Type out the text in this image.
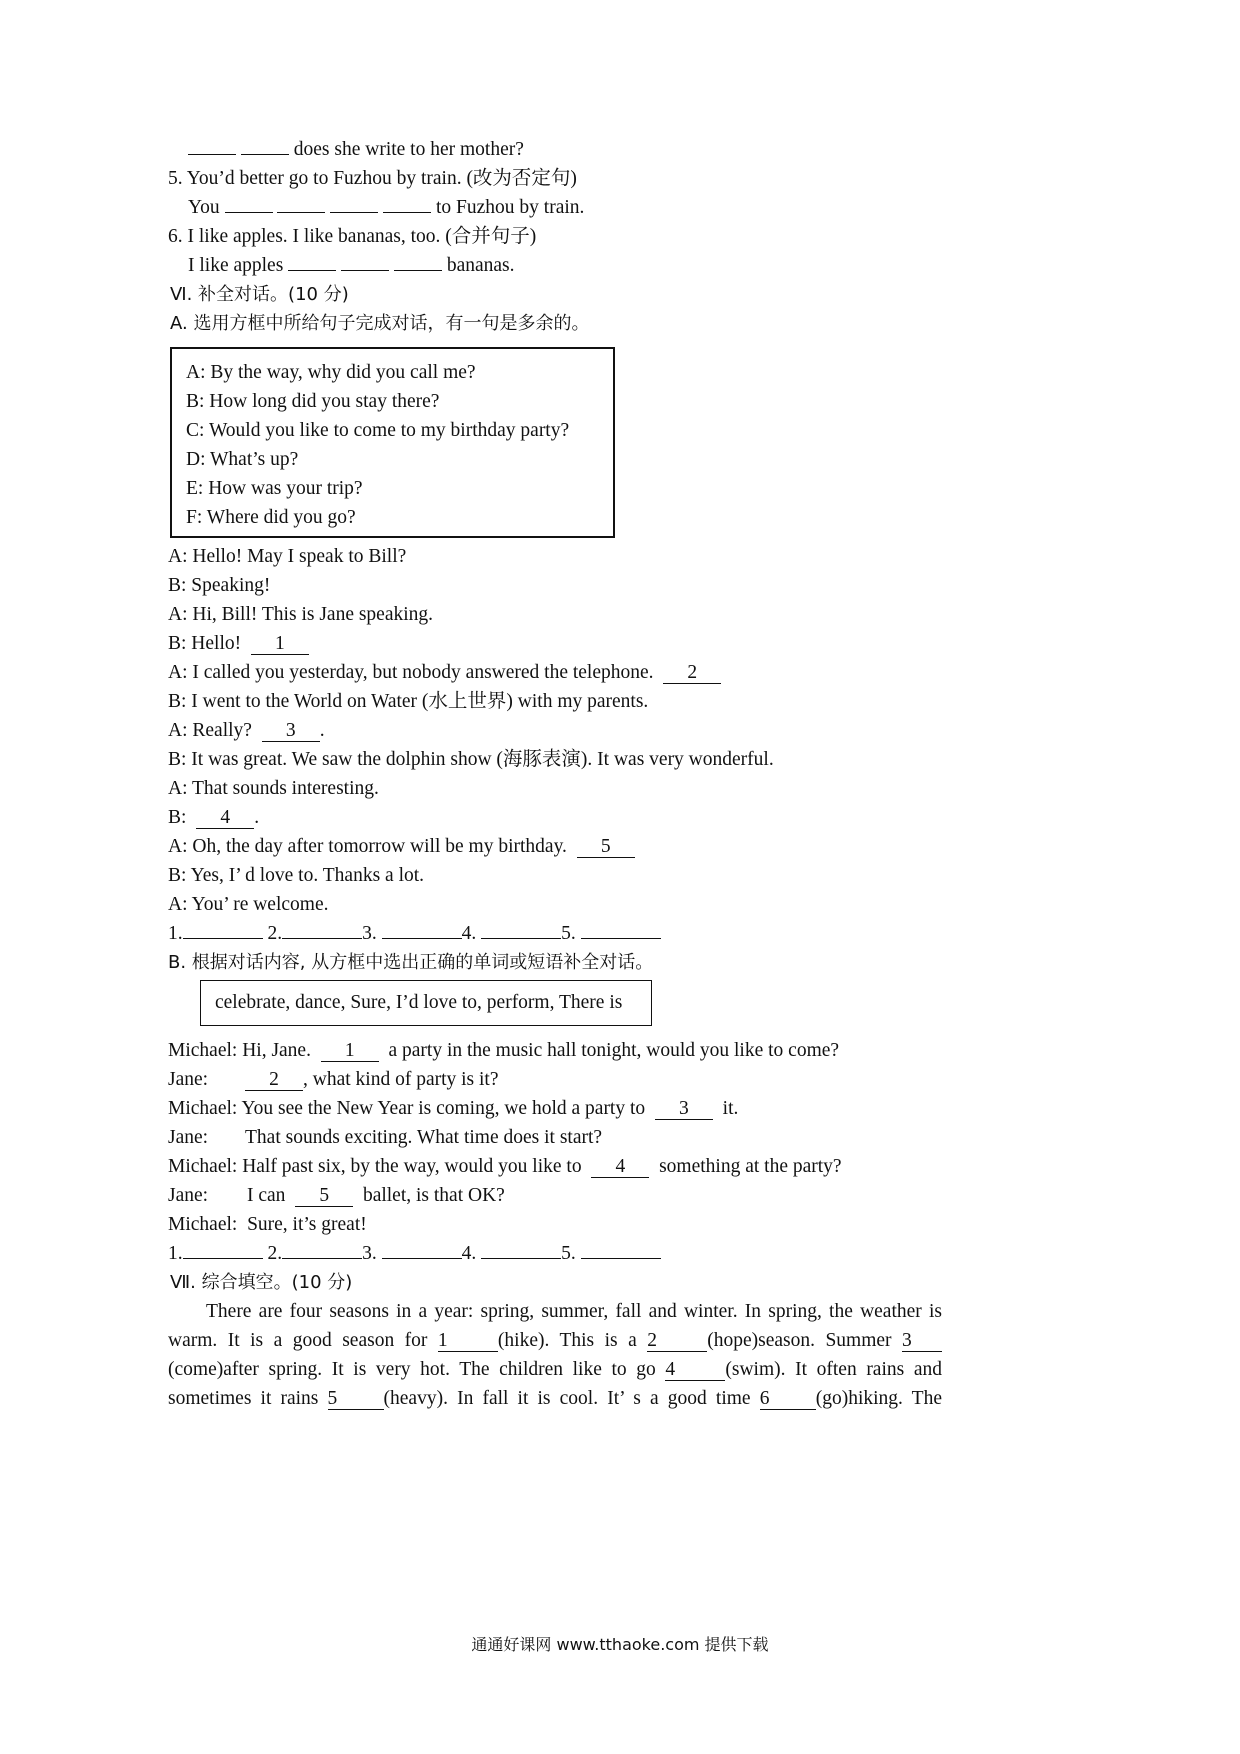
does she write to her mother?
5. You’d better go to Fuzhou by train. (改为否定句)
You	to Fuzhou by train.
6. I like apples. I like bananas, too. (合并句子)
I like apples	bananas.
Ⅵ. 补全对话。(10 分)
A. 选用方框中所给句子完成对话，有一句是多余的。
A: By the way, why did you call me?
B: How long did you stay there?
C: Would you like to come to my birthday party?
D: What’s up?
E: How was your trip?
F: Where did you go?
A: Hello! May I speak to Bill?
B: Speaking!
A: Hi, Bill! This is Jane speaking.
B: Hello! 1
A: I called you yesterday, but nobody answered the telephone. 2
B: I went to the World on Water (水上世界) with my parents.
A: Really? 3 .
B: It was great. We saw the dolphin show (海豚表演). It was very wonderful.
A: That sounds interesting.
B: 4 .
A: Oh, the day after tomorrow will be my birthday. 5
B: Yes, I’ d love to. Thanks a lot.
A: You’ re welcome.
1.	2.	3.	4.	5.
B. 根据对话内容, 从方框中选出正确的单词或短语补全对话。
celebrate, dance, Sure, I’d love to, perform, There is
Michael: Hi, Jane. 1 a party in the music hall tonight, would you like to come?
Jane:	2 , what kind of party is it?
Michael: You see the New Year is coming, we hold a party to 3 it.
Jane: That sounds exciting. What time does it start?
Michael: Half past six, by the way, would you like to 4 something at the party?
Jane: I can 5 ballet, is that OK?
Michael: Sure, it’s great!
1.	2.	3.	4.	5.
Ⅶ. 综合填空。(10 分)
There are four seasons in a year: spring, summer, fall and winter. In spring, the weather is
warm. It is a good season for 1	(hike). This is a 2	(hope)season. Summer 3
(come)after spring. It is very hot. The children like to go 4	(swim). It often rains and
sometimes it rains 5 (heavy). In fall it is cool. It’ s a good time 6 (go)hiking. The
通通好课网 www.tthaoke.com 提供下载
